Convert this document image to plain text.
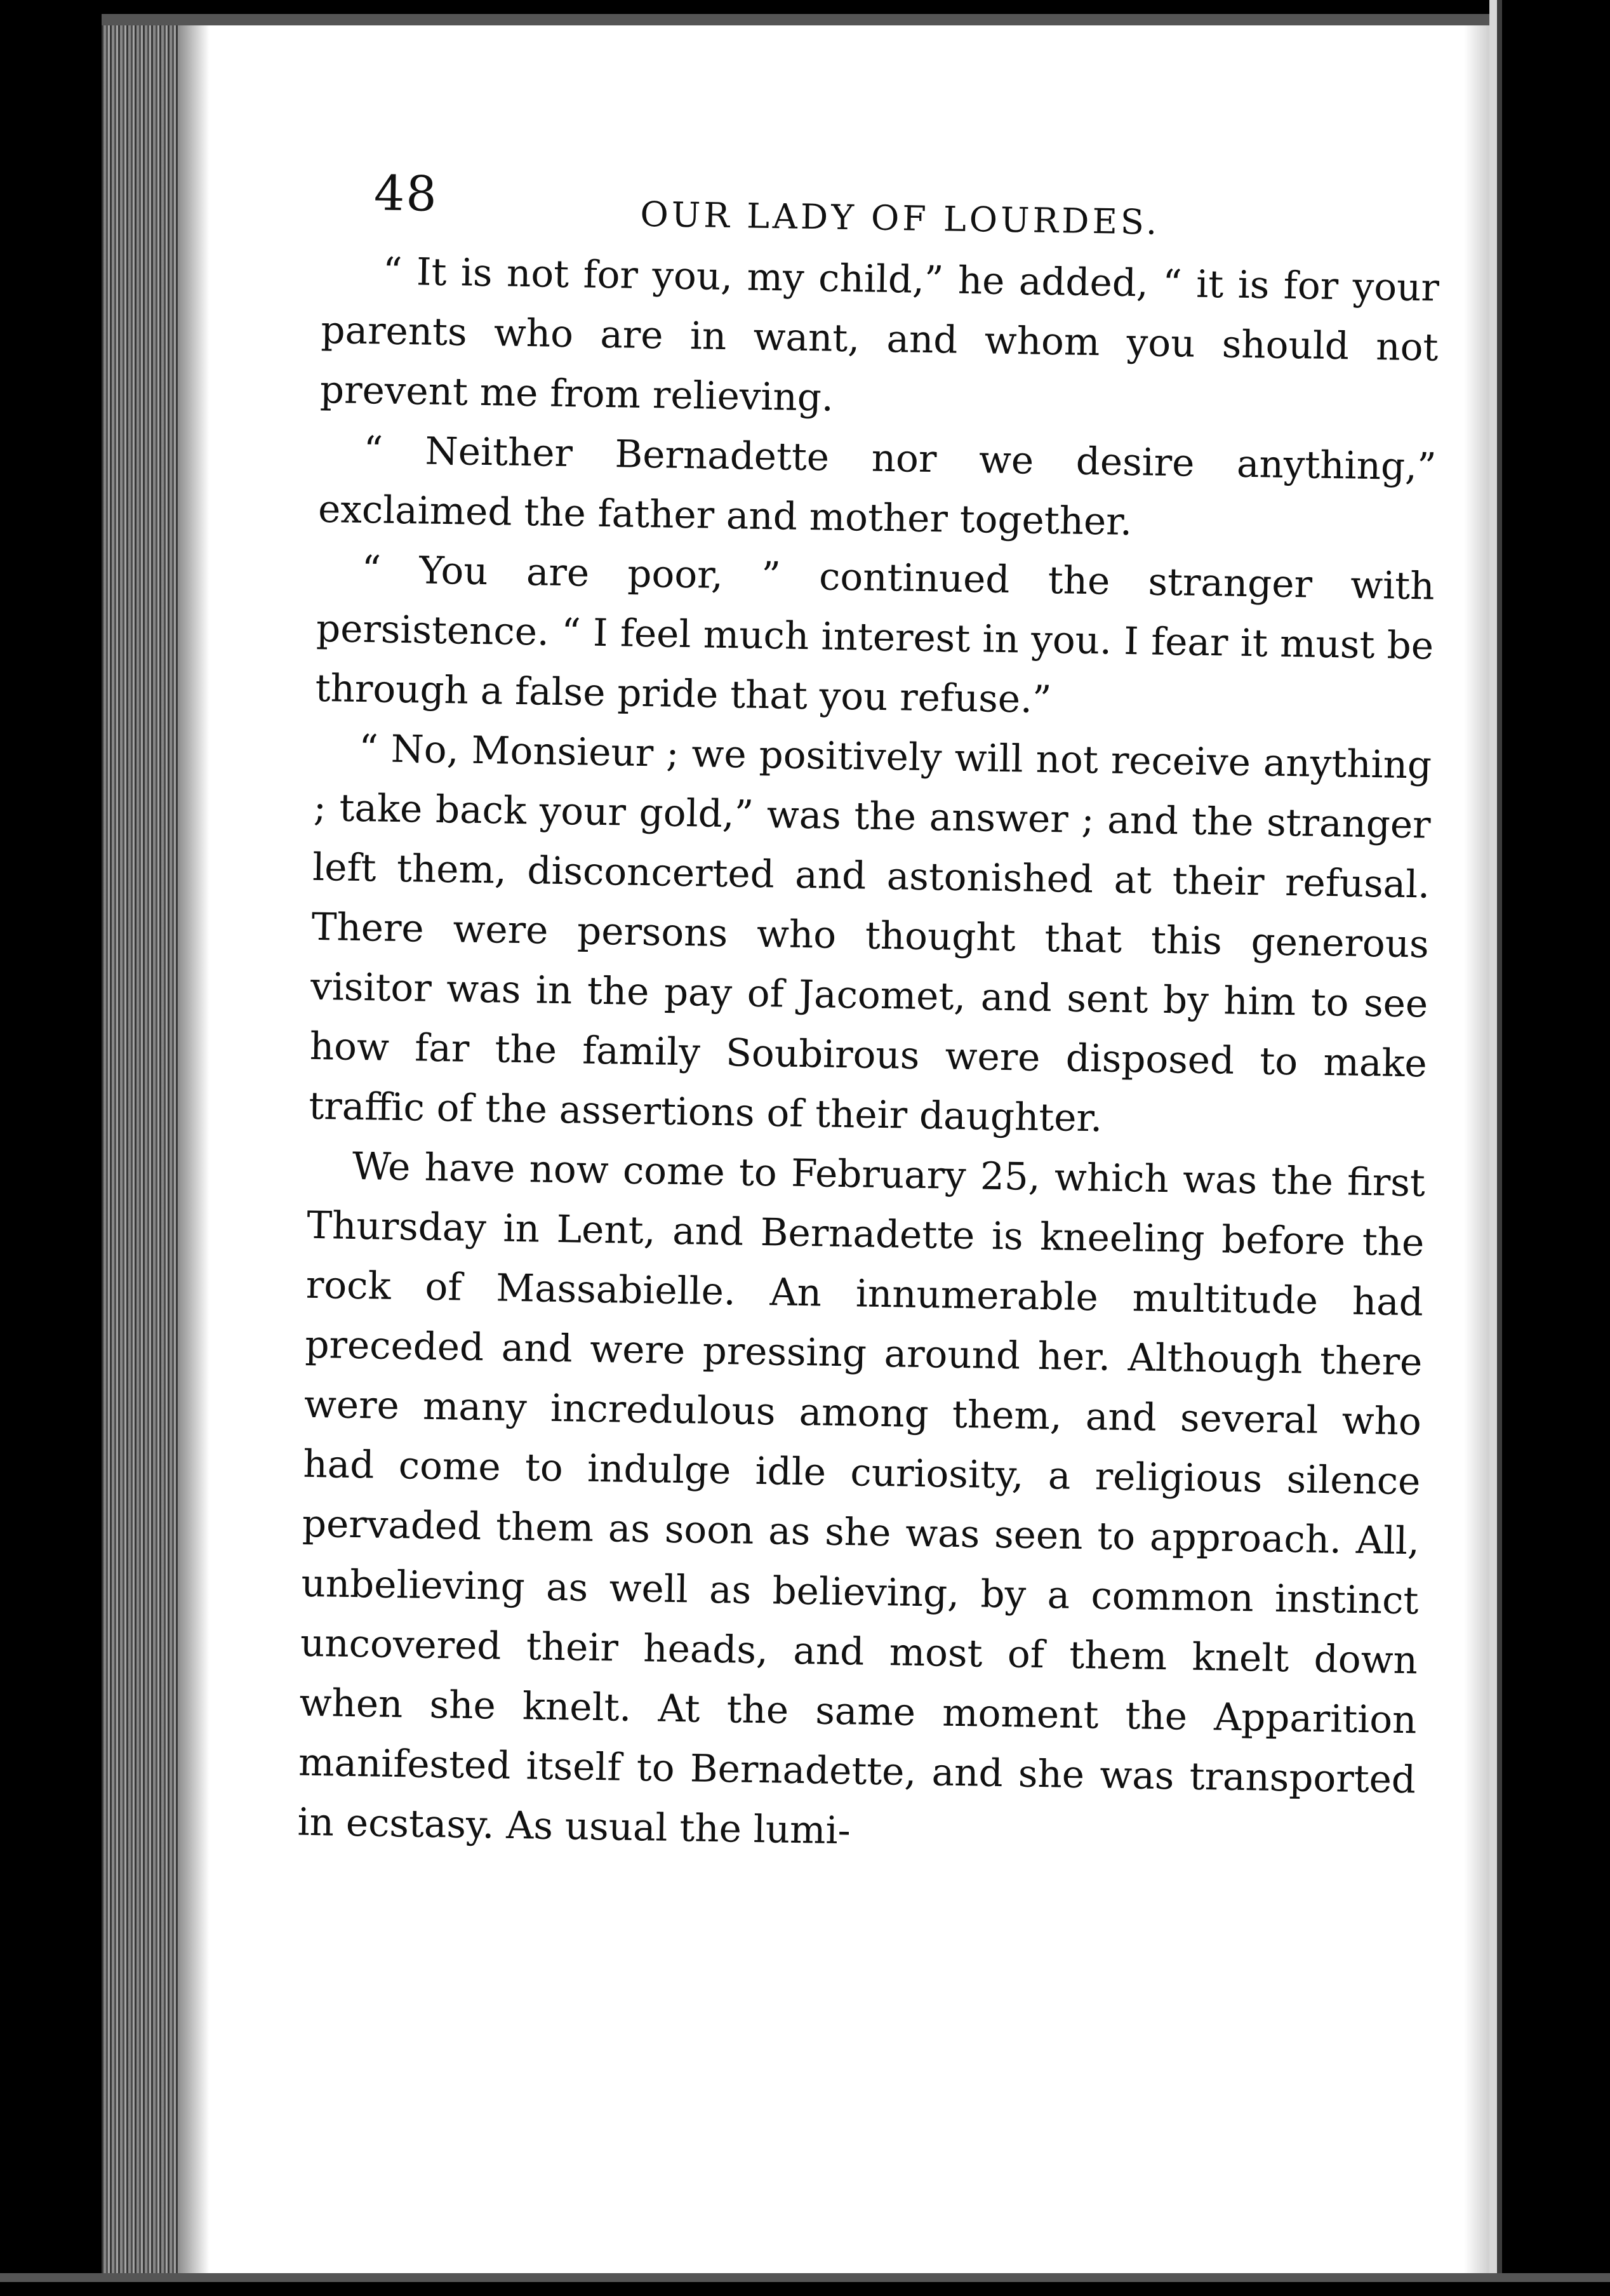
48	OUR LADY OF LOURDES.

“ It is not for you, my child,” he added, “ it is for your parents who are in want, and whom you should not prevent me from relieving.

“ Neither Bernadette nor we desire anything,” exclaimed the father and mother together.

“ You are poor, ” continued the stranger with persistence. “ I feel much interest in you. I fear it must be through a false pride that you refuse.”

“ No, Monsieur ; we positively will not receive anything ; take back your gold,” was the answer ; and the stranger left them, disconcerted and astonished at their refusal. There were persons who thought that this generous visitor was in the pay of Jacomet, and sent by him to see how far the family Soubirous were disposed to make traffic of the assertions of their daughter.

We have now come to February 25, which was the first Thursday in Lent, and Bernadette is kneeling before the rock of Massabielle. An innumerable multitude had preceded and were pressing around her. Although there were many incredulous among them, and several who had come to indulge idle curiosity, a religious silence pervaded them as soon as she was seen to approach. All, unbelieving as well as believing, by a common instinct uncovered their heads, and most of them knelt down when she knelt. At the same moment the Apparition manifested itself to Bernadette, and she was transported in ecstasy. As usual the lumi-
